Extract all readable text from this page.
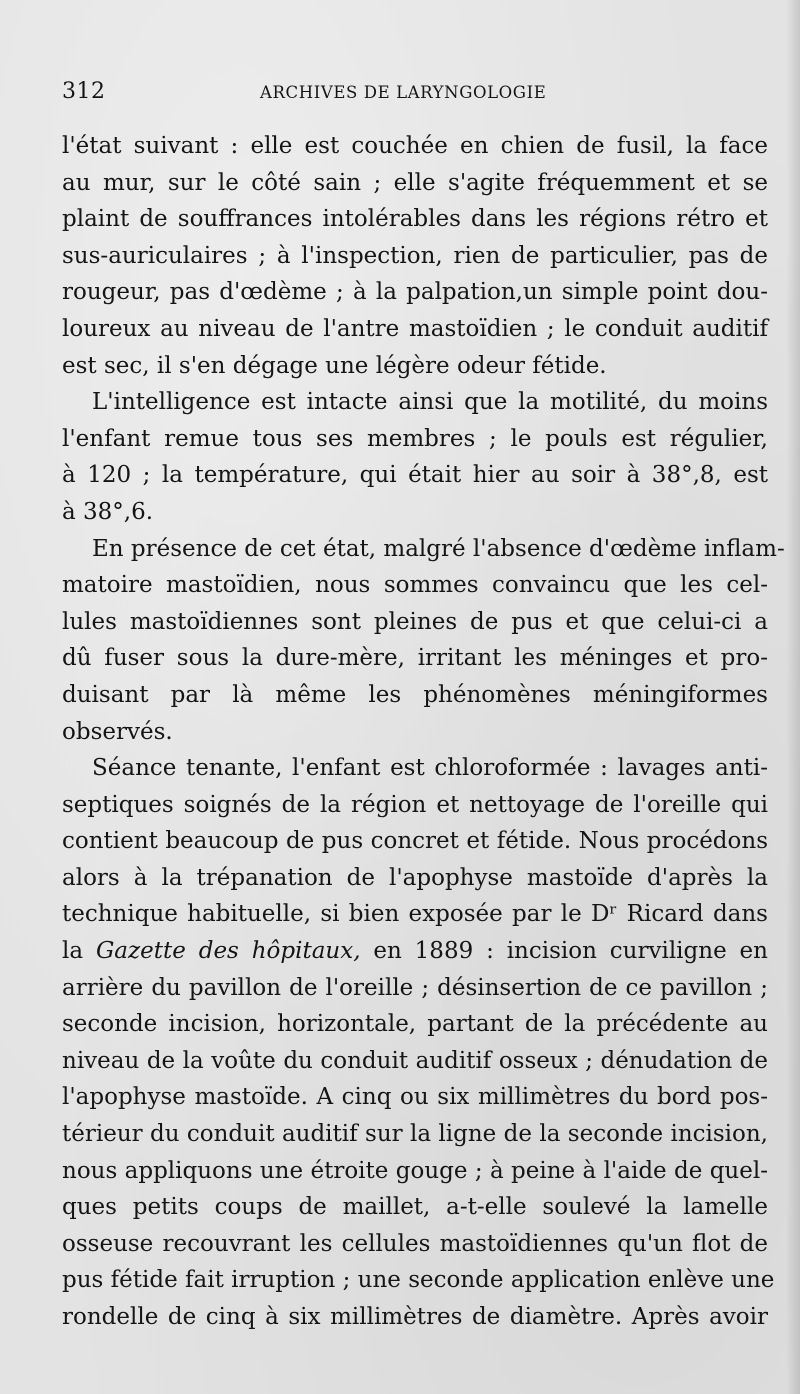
312	ARCHIVES DE LARYNGOLOGIE
l'état suivant : elle est couchée en chien de fusil, la face
au mur, sur le côté sain ; elle s'agite fréquemment et se
plaint de souffrances intolérables dans les régions rétro et
sus-auriculaires ; à l'inspection, rien de particulier, pas de
rougeur, pas d'œdème ; à la palpation,un simple point dou-
loureux au niveau de l'antre mastoïdien ; le conduit auditif
est sec, il s'en dégage une légère odeur fétide.
L'intelligence est intacte ainsi que la motilité, du moins
l'enfant remue tous ses membres ; le pouls est régulier,
à 120 ; la température, qui était hier au soir à 38°,8, est
à 38°,6.
En présence de cet état, malgré l'absence d'œdème inflam-
matoire mastoïdien, nous sommes convaincu que les cel-
lules mastoïdiennes sont pleines de pus et que celui-ci a
dû fuser sous la dure-mère, irritant les méninges et pro-
duisant par là même les phénomènes méningiformes
observés.
Séance tenante, l'enfant est chloroformée : lavages anti-
septiques soignés de la région et nettoyage de l'oreille qui
contient beaucoup de pus concret et fétide. Nous procédons
alors à la trépanation de l'apophyse mastoïde d'après la
technique habituelle, si bien exposée par le Dʳ Ricard dans
la Gazette des hôpitaux, en 1889 : incision curviligne en
arrière du pavillon de l'oreille ; désinsertion de ce pavillon ;
seconde incision, horizontale, partant de la précédente au
niveau de la voûte du conduit auditif osseux ; dénudation de
l'apophyse mastoïde. A cinq ou six millimètres du bord pos-
térieur du conduit auditif sur la ligne de la seconde incision,
nous appliquons une étroite gouge ; à peine à l'aide de quel-
ques petits coups de maillet, a-t-elle soulevé la lamelle
osseuse recouvrant les cellules mastoïdiennes qu'un flot de
pus fétide fait irruption ; une seconde application enlève une
rondelle de cinq à six millimètres de diamètre. Après avoir
